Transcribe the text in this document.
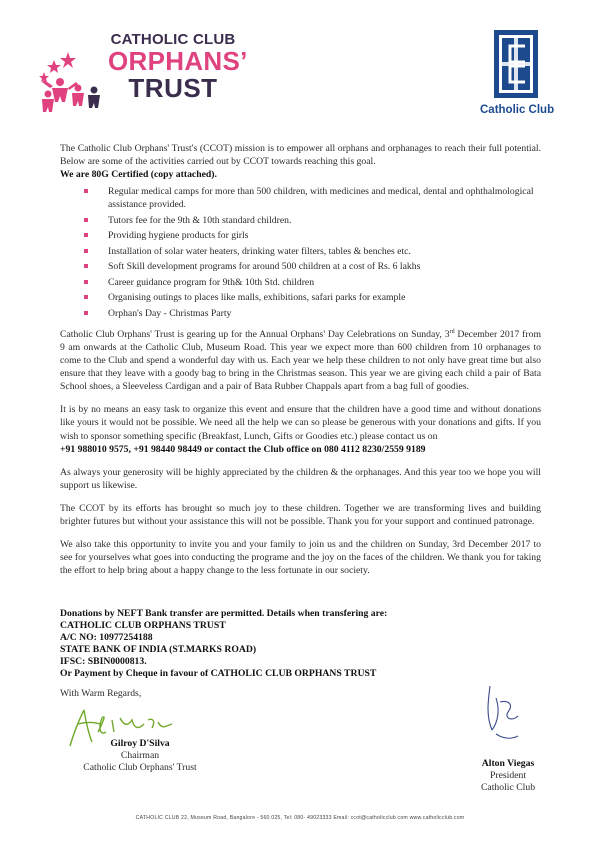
CATHOLIC CLUB
ORPHANS’
TRUST
Catholic Club

The Catholic Club Orphans' Trust's (CCOT) mission is to empower all orphans and orphanages to reach their full potential. Below are some of the activities carried out by CCOT towards reaching this goal.

We are 80G Certified (copy attached).

Regular medical camps for more than 500 children, with medicines and medical, dental and ophthalmological assistance provided.
Tutors fee for the 9th & 10th standard children.
Providing hygiene products for girls
Installation of solar water heaters, drinking water filters, tables & benches etc.
Soft Skill development programs for around 500 children at a cost of Rs. 6 lakhs
Career guidance program for 9th& 10th Std. children
Organising outings to places like malls, exhibitions, safari parks for example
Orphan's Day - Christmas Party

Catholic Club Orphans' Trust is gearing up for the Annual Orphans' Day Celebrations on Sunday, 3rd December 2017 from 9 am onwards at the Catholic Club, Museum Road. This year we expect more than 600 children from 10 orphanages to come to the Club and spend a wonderful day with us. Each year we help these children to not only have great time but also ensure that they leave with a goody bag to bring in the Christmas season. This year we are giving each child a pair of Bata School shoes, a Sleeveless Cardigan and a pair of Bata Rubber Chappals apart from a bag full of goodies.

It is by no means an easy task to organize this event and ensure that the children have a good time and without donations like yours it would not be possible. We need all the help we can so please be generous with your donations and gifts. If you wish to sponsor something specific (Breakfast, Lunch, Gifts or Goodies etc.) please contact us on
+91 988010 9575, +91 98440 98449 or contact the Club office on 080 4112 8230/2559 9189

As always your generosity will be highly appreciated by the children & the orphanages. And this year too we hope you will support us likewise.

The CCOT by its efforts has brought so much joy to these children. Together we are transforming lives and building brighter futures but without your assistance this will not be possible. Thank you for your support and continued patronage.

We also take this opportunity to invite you and your family to join us and the children on Sunday, 3rd December 2017 to see for yourselves what goes into conducting the programe and the joy on the faces of the children. We thank you for taking the effort to help bring about a happy change to the less fortunate in our society.

Donations by NEFT Bank transfer are permitted. Details when transfering are:
CATHOLIC CLUB ORPHANS TRUST
A/C NO: 10977254188
STATE BANK OF INDIA (ST.MARKS ROAD)
IFSC: SBIN0000813.
Or Payment by Cheque in favour of CATHOLIC CLUB ORPHANS TRUST
With Warm Regards,
Gilroy D'Silva
Chairman
Catholic Club Orphans' Trust	Alton Viegas
President
Catholic Club
CATHOLIC CLUB 22, Museum Road, Bangalore - 560 025, Tel: 080- 49023333 Email: ccot@catholicclub.com www.catholicclub.com
